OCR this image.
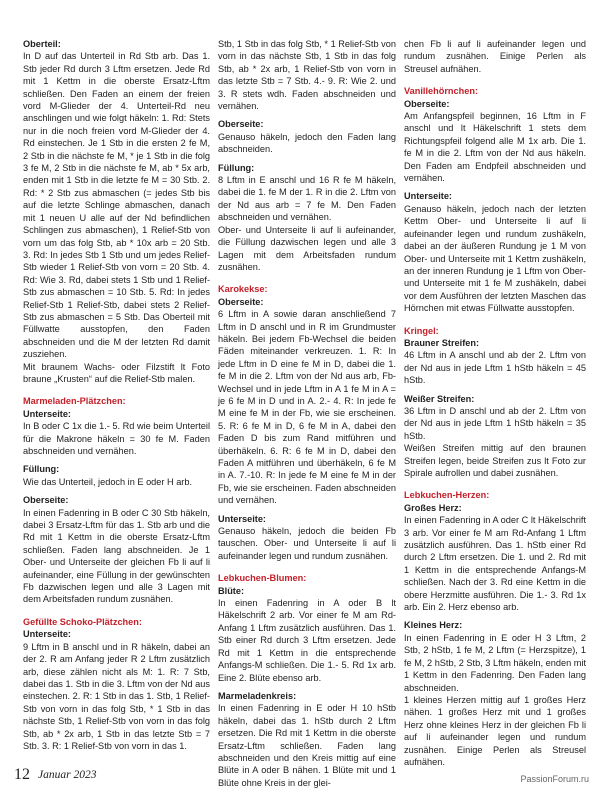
Oberteil:

In D auf das Unterteil in Rd Stb arb. Das 1. Stb jeder Rd durch 3 Lftm ersetzen. Jede Rd mit 1 Kettm in die oberste Ersatz-Lftm schließen. Den Faden an einem der freien vord M-Glieder der 4. Unterteil-Rd neu anschlingen und wie folgt häkeln: 1. Rd: Stets nur in die noch freien vord M-Glieder der 4. Rd einstechen. Je 1 Stb in die ersten 2 fe M, 2 Stb in die nächste fe M, * je 1 Stb in die folg 3 fe M, 2 Stb in die nächste fe M, ab * 5x arb, enden mit 1 Stb in die letzte fe M = 30 Stb. 2. Rd: * 2 Stb zus abmaschen (= jedes Stb bis auf die letzte Schlinge abmaschen, danach mit 1 neuen U alle auf der Nd befindlichen Schlingen zus abmaschen), 1 Relief-Stb von vorn um das folg Stb, ab * 10x arb = 20 Stb. 3. Rd: In jedes Stb 1 Stb und um jedes Relief-Stb wieder 1 Relief-Stb von vorn = 20 Stb. 4. Rd: Wie 3. Rd, dabei stets 1 Stb und 1 Relief-Stb zus abmaschen = 10 Stb. 5. Rd: In jedes Relief-Stb 1 Relief-Stb, dabei stets 2 Relief-Stb zus abmaschen = 5 Stb. Das Oberteil mit Füllwatte ausstopfen, den Faden abschneiden und die M der letzten Rd damit zusziehen.

Mit braunem Wachs- oder Filzstift lt Foto braune „Krusten“ auf die Relief-Stb malen.

Marmeladen-Plätzchen:

Unterseite:

In B oder C 1x die 1.- 5. Rd wie beim Unterteil für die Makrone häkeln = 30 fe M. Faden abschneiden und vernähen.

Füllung:

Wie das Unterteil, jedoch in E oder H arb.

Oberseite:

In einen Fadenring in B oder C 30 Stb häkeln, dabei 3 Ersatz-Lftm für das 1. Stb arb und die Rd mit 1 Kettm in die oberste Ersatz-Lftm schließen. Faden lang abschneiden. Je 1 Ober- und Unterseite der gleichen Fb li auf li aufeinander, eine Füllung in der gewünschten Fb dazwischen legen und alle 3 Lagen mit dem Arbeitsfaden rundum zusnähen.

Gefüllte Schoko-Plätzchen:

Unterseite:

9 Lftm in B anschl und in R häkeln, dabei an der 2. R am Anfang jeder R 2 Lftm zusätzlich arb, diese zählen nicht als M: 1. R: 7 Stb, dabei das 1. Stb in die 3. Lftm von der Nd aus einstechen. 2. R: 1 Stb in das 1. Stb, 1 Relief-Stb von vorn in das folg Stb, * 1 Stb in das nächste Stb, 1 Relief-Stb von vorn in das folg Stb, ab * 2x arb, 1 Stb in das letzte Stb = 7 Stb. 3. R: 1 Relief-Stb von vorn in das 1.

Stb, 1 Stb in das folg Stb, * 1 Relief-Stb von vorn in das nächste Stb, 1 Stb in das folg Stb, ab * 2x arb, 1 Relief-Stb von vorn in das letzte Stb = 7 Stb. 4.- 9. R: Wie 2. und 3. R stets wdh. Faden abschneiden und vernähen.

Oberseite:

Genauso häkeln, jedoch den Faden lang abschneiden.

Füllung:

8 Lftm in E anschl und 16 R fe M häkeln, dabei die 1. fe M der 1. R in die 2. Lftm von der Nd aus arb = 7 fe M. Den Faden abschneiden und vernähen.

Ober- und Unterseite li auf li aufeinander, die Füllung dazwischen legen und alle 3 Lagen mit dem Arbeitsfaden rundum zusnähen.

Karokekse:

Oberseite:

6 Lftm in A sowie daran anschließend 7 Lftm in D anschl und in R im Grundmuster häkeln. Bei jedem Fb-Wechsel die beiden Fäden miteinander verkreuzen. 1. R: In jede Lftm in D eine fe M in D, dabei die 1. fe M in die 2. Lftm von der Nd aus arb, Fb-Wechsel und in jede Lftm in A 1 fe M in A = je 6 fe M in D und in A. 2.- 4. R: In jede fe M eine fe M in der Fb, wie sie erscheinen. 5. R: 6 fe M in D, 6 fe M in A, dabei den Faden D bis zum Rand mitführen und überhäkeln. 6. R: 6 fe M in D, dabei den Faden A mitführen und überhäkeln, 6 fe M in A. 7.-10. R: In jede fe M eine fe M in der Fb, wie sie erscheinen. Faden abschneiden und vernähen.

Unterseite:

Genauso häkeln, jedoch die beiden Fb tauschen. Ober- und Unterseite li auf li aufeinander legen und rundum zusnähen.

Lebkuchen-Blumen:

Blüte:

In einen Fadenring in A oder B lt Häkelschrift 2 arb. Vor einer fe M am Rd-Anfang 1 Lftm zusätzlich ausführen. Das 1. Stb einer Rd durch 3 Lftm ersetzen. Jede Rd mit 1 Kettm in die entsprechende Anfangs-M schließen. Die 1.- 5. Rd 1x arb. Eine 2. Blüte ebenso arb.

Marmeladenkreis:

In einen Fadenring in E oder H 10 hStb häkeln, dabei das 1. hStb durch 2 Lftm ersetzen. Die Rd mit 1 Kettm in die oberste Ersatz-Lftm schließen. Faden lang abschneiden und den Kreis mittig auf eine Blüte in A oder B nähen. 1 Blüte mit und 1 Blüte ohne Kreis in der glei-

chen Fb li auf li aufeinander legen und rundum zusnähen. Einige Perlen als Streusel aufnähen.

Vanillehörnchen:

Oberseite:

Am Anfangspfeil beginnen, 16 Lftm in F anschl und lt Häkelschrift 1 stets dem Richtungspfeil folgend alle M 1x arb. Die 1. fe M in die 2. Lftm von der Nd aus häkeln. Den Faden am Endpfeil abschneiden und vernähen.

Unterseite:

Genauso häkeln, jedoch nach der letzten Kettm Ober- und Unterseite li auf li aufeinander legen und rundum zushäkeln, dabei an der äußeren Rundung je 1 M von Ober- und Unterseite mit 1 Kettm zushäkeln, an der inneren Rundung je 1 Lftm von Ober- und Unterseite mit 1 fe M zushäkeln, dabei vor dem Ausführen der letzten Maschen das Hörnchen mit etwas Füllwatte ausstopfen.

Kringel:

Brauner Streifen:

46 Lftm in A anschl und ab der 2. Lftm von der Nd aus in jede Lftm 1 hStb häkeln = 45 hStb.

Weißer Streifen:

36 Lftm in D anschl und ab der 2. Lftm von der Nd aus in jede Lftm 1 hStb häkeln = 35 hStb.

Weißen Streifen mittig auf den braunen Streifen legen, beide Streifen zus lt Foto zur Spirale aufrollen und dabei zusnähen.

Lebkuchen-Herzen:

Großes Herz:

In einen Fadenring in A oder C lt Häkelschrift 3 arb. Vor einer fe M am Rd-Anfang 1 Lftm zusätzlich ausführen. Das 1. hStb einer Rd durch 2 Lftm ersetzen. Die 1. und 2. Rd mit 1 Kettm in die entsprechende Anfangs-M schließen. Nach der 3. Rd eine Kettm in die obere Herzmitte ausführen. Die 1.- 3. Rd 1x arb. Ein 2. Herz ebenso arb.

Kleines Herz:

In einen Fadenring in E oder H 3 Lftm, 2 Stb, 2 hStb, 1 fe M, 2 Lftm (= Herzspitze), 1 fe M, 2 hStb, 2 Stb, 3 Lftm häkeln, enden mit 1 Kettm in den Fadenring. Den Faden lang abschneiden.

1 kleines Herzen mittig auf 1 großes Herz nähen. 1 großes Herz mit und 1 großes Herz ohne kleines Herz in der gleichen Fb li auf li aufeinander legen und rundum zusnähen. Einige Perlen als Streusel aufnähen.

12 Januar 2023	PassionForum.ru
